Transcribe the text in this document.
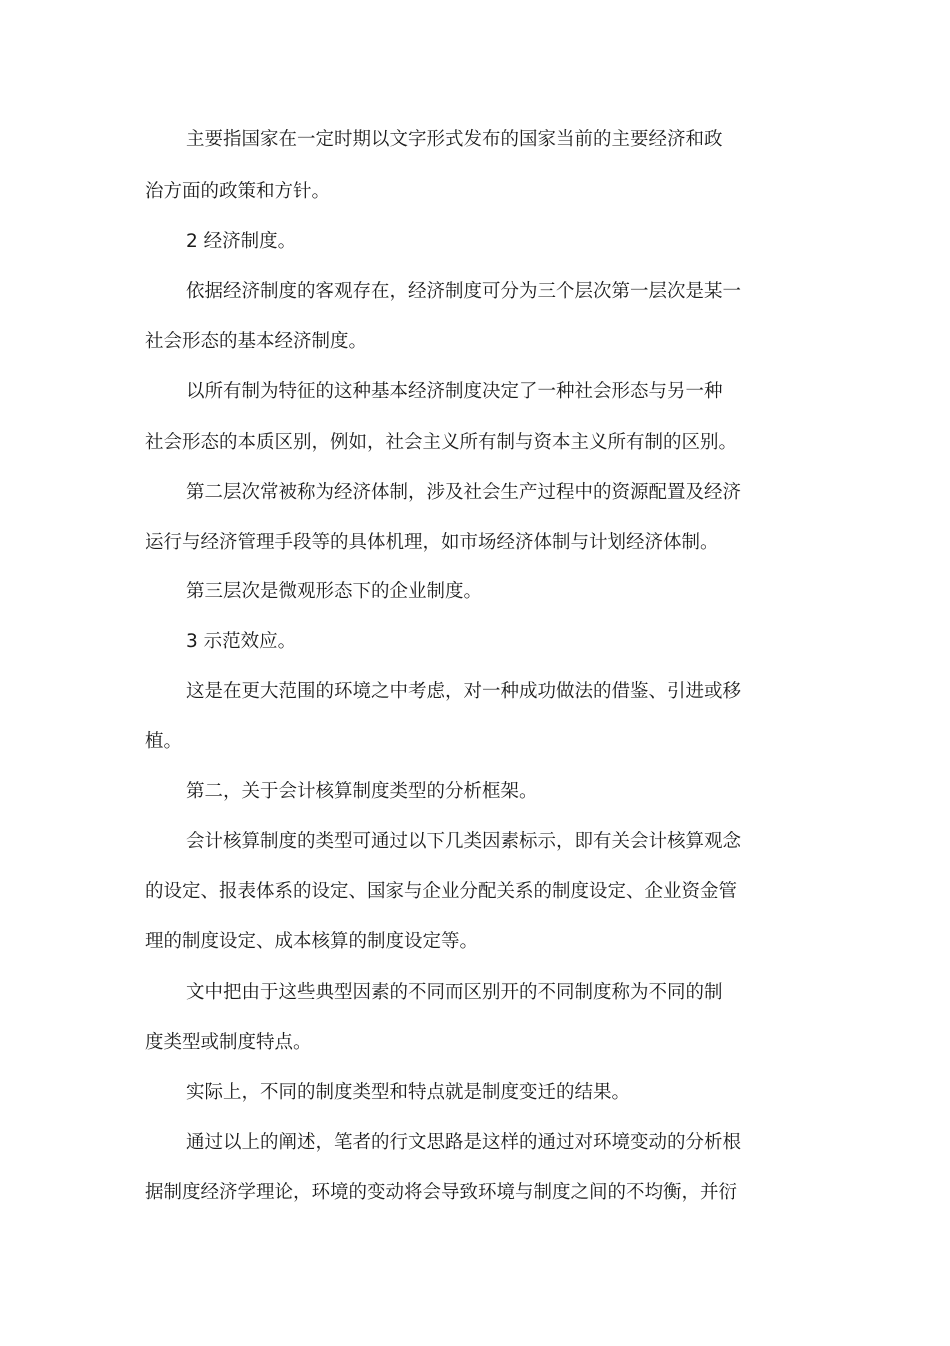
主要指国家在一定时期以文字形式发布的国家当前的主要经济和政
治方面的政策和方针。
2 经济制度。
依据经济制度的客观存在，经济制度可分为三个层次第一层次是某一
社会形态的基本经济制度。
以所有制为特征的这种基本经济制度决定了一种社会形态与另一种
社会形态的本质区别，例如，社会主义所有制与资本主义所有制的区别。
第二层次常被称为经济体制，涉及社会生产过程中的资源配置及经济
运行与经济管理手段等的具体机理，如市场经济体制与计划经济体制。
第三层次是微观形态下的企业制度。
3 示范效应。
这是在更大范围的环境之中考虑，对一种成功做法的借鉴、引进或移
植。
第二，关于会计核算制度类型的分析框架。
会计核算制度的类型可通过以下几类因素标示，即有关会计核算观念
的设定、报表体系的设定、国家与企业分配关系的制度设定、企业资金管
理的制度设定、成本核算的制度设定等。
文中把由于这些典型因素的不同而区别开的不同制度称为不同的制
度类型或制度特点。
实际上，不同的制度类型和特点就是制度变迁的结果。
通过以上的阐述，笔者的行文思路是这样的通过对环境变动的分析根
据制度经济学理论，环境的变动将会导致环境与制度之间的不均衡，并衍
